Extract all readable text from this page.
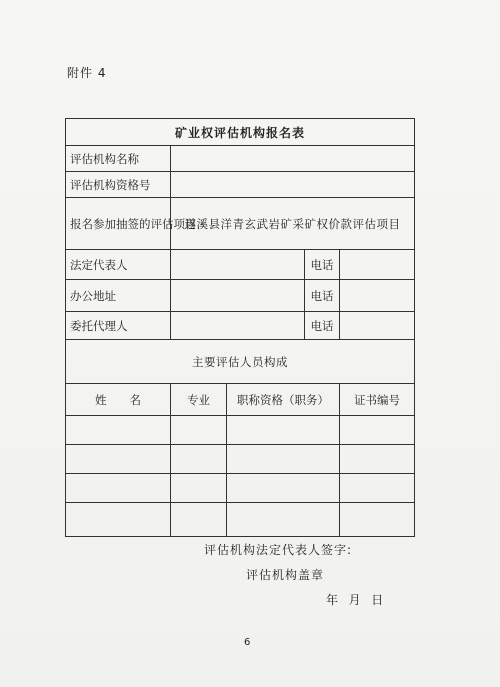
附件 4
矿业权评估机构报名表				
评估机构名称				
评估机构资格号				
报名参加抽签的评估项目	遂溪县洋青玄武岩矿采矿权价款评估项目			
法定代表人			电话	
办公地址			电话	
委托代理人			电话	
主要评估人员构成				
姓　　名	专业	职称资格（职务）		证书编号

评估机构法定代表人签字:
评估机构盖章
年  月  日
6
